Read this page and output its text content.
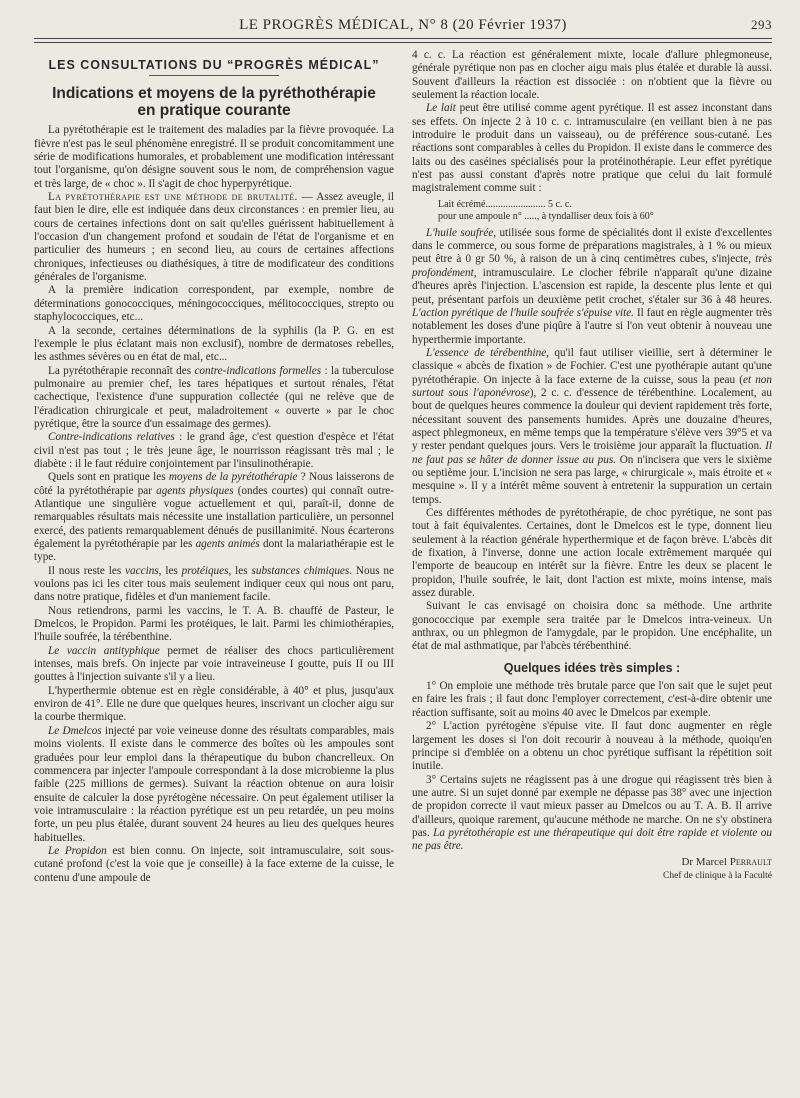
LE PROGRÈS MÉDICAL, N° 8 (20 Février 1937)	293
LES CONSULTATIONS DU “PROGRÈS MÉDICAL”
Indications et moyens de la pyréthothérapie
en pratique courante

La pyrétothérapie est le traitement des maladies par la fièvre provoquée. La fièvre n'est pas le seul phénomène enregistré. Il se produit concomitamment une série de modifications humorales, et probablement une modification intéressant tout l'organisme, qu'on désigne souvent sous le nom, de compréhension vague et très large, de « choc ». Il s'agit de choc hyperpyrétique.

La pyrétothérapie est une méthode de brutalité. — Assez aveugle, il faut bien le dire, elle est indiquée dans deux circonstances : en premier lieu, au cours de certaines infections dont on sait qu'elles guérissent habituellement à l'occasion d'un changement profond et soudain de l'état de l'organisme et en particulier des humeurs ; en second lieu, au cours de certaines affections chroniques, infectieuses ou diathésiques, à titre de modificateur des conditions générales de l'organisme.

A la première indication correspondent, par exemple, nombre de déterminations gonococciques, méningococciques, mélitococciques, strepto ou staphylococciques, etc...

A la seconde, certaines déterminations de la syphilis (la P. G. en est l'exemple le plus éclatant mais non exclusif), nombre de dermatoses rebelles, les asthmes sévères ou en état de mal, etc...

La pyrétothérapie reconnaît des contre-indications formelles : la tuberculose pulmonaire au premier chef, les tares hépatiques et surtout rénales, l'état cachectique, l'existence d'une suppuration collectée (qui ne relève que de l'éradication chirurgicale et peut, maladroitement « ouverte » par le choc pyrétique, être la source d'un essaimage des germes).

Contre-indications relatives : le grand âge, c'est question d'espèce et l'état civil n'est pas tout ; le très jeune âge, le nourrisson réagissant très mal ; le diabète : il le faut réduire conjointement par l'insulinothérapie.

Quels sont en pratique les moyens de la pyrétothérapie ? Nous laisserons de côté la pyrétothérapie par agents physiques (ondes courtes) qui connaît outre-Atlantique une singulière vogue actuellement et qui, paraît-il, donne de remarquables résultats mais nécessite une installation particulière, un personnel exercé, des patients remarquablement dénués de pusillanimité. Nous écarterons également la pyrétothérapie par les agents animés dont la malariathérapie est le type.

Il nous reste les vaccins, les protéiques, les substances chimiques. Nous ne voulons pas ici les citer tous mais seulement indiquer ceux qui nous ont paru, dans notre pratique, fidèles et d'un maniement facile.

Nous retiendrons, parmi les vaccins, le T. A. B. chauffé de Pasteur, le Dmelcos, le Propidon. Parmi les protéiques, le lait. Parmi les chimiothérapies, l'huile soufrée, la térébenthine.

Le vaccin antityphique permet de réaliser des chocs particulièrement intenses, mais brefs. On injecte par voie intraveineuse I goutte, puis II ou III gouttes à l'injection suivante s'il y a lieu.

L'hyperthermie obtenue est en règle considérable, à 40° et plus, jusqu'aux environ de 41°. Elle ne dure que quelques heures, inscrivant un clocher aigu sur la courbe thermique.

Le Dmelcos injecté par voie veineuse donne des résultats comparables, mais moins violents. Il existe dans le commerce des boîtes où les ampoules sont graduées pour leur emploi dans la thérapeutique du bubon chancrelleux. On commencera par injecter l'ampoule correspondant à la dose microbienne la plus faible (225 millions de germes). Suivant la réaction obtenue on aura loisir ensuite de calculer la dose pyrétogène nécessaire. On peut également utiliser la voie intramusculaire : la réaction pyrétique est un peu retardée, un peu moins forte, un peu plus étalée, durant souvent 24 heures au lieu des quelques heures habituelles.

Le Propidon est bien connu. On injecte, soit intramusculaire, soit sous-cutané profond (c'est la voie que je conseille) à la face externe de la cuisse, le contenu d'une ampoule de

4 c. c. La réaction est généralement mixte, locale d'allure phlegmoneuse, générale pyrétique non pas en clocher aigu mais plus étalée et durable là aussi. Souvent d'ailleurs la réaction est dissociée : on n'obtient que la fièvre ou seulement la réaction locale.

Le lait peut être utilisé comme agent pyrétique. Il est assez inconstant dans ses effets. On injecte 2 à 10 c. c. intramusculaire (en veillant bien à ne pas introduire le produit dans un vaisseau), ou de préférence sous-cutané. Les réactions sont comparables à celles du Propidon. Il existe dans le commerce des laits ou des caséines spécialisés pour la protéinothérapie. Leur effet pyrétique n'est pas aussi constant d'après notre pratique que celui du lait formulé magistralement comme suit :

Lait écrémé........................ 5 c. c.
pour une ampoule n° ....., à tyndalliser deux fois à 60°

L'huile soufrée, utilisée sous forme de spécialités dont il existe d'excellentes dans le commerce, ou sous forme de préparations magistrales, à 1 % ou mieux peut être à 0 gr 50 %, à raison de un à cinq centimètres cubes, s'injecte, très profondément, intramusculaire. Le clocher fébrile n'apparaît qu'une dizaine d'heures après l'injection. L'ascension est rapide, la descente plus lente et qui peut, présentant parfois un deuxième petit crochet, s'étaler sur 36 à 48 heures. L'action pyrétique de l'huile soufrée s'épuise vite. Il faut en règle augmenter très notablement les doses d'une piqûre à l'autre si l'on veut obtenir à nouveau une hyperthermie importante.

L'essence de térébenthine, qu'il faut utiliser vieillie, sert à déterminer le classique « abcès de fixation » de Fochier. C'est une pyothérapie autant qu'une pyrétothérapie. On injecte à la face externe de la cuisse, sous la peau (et non surtout sous l'aponévrose), 2 c. c. d'essence de térébenthine. Localement, au bout de quelques heures commence la douleur qui devient rapidement très forte, nécessitant souvent des pansements humides. Après une douzaine d'heures, aspect phlegmoneux, en même temps que la température s'élève vers 39°5 et va y rester pendant quelques jours. Vers le troisième jour apparaît la fluctuation. Il ne faut pas se hâter de donner issue au pus. On n'incisera que vers le sixième ou septième jour. L'incision ne sera pas large, « chirurgicale », mais étroite et « mesquine ». Il y a intérêt même souvent à entretenir la suppuration un certain temps.

Ces différentes méthodes de pyrétothérapie, de choc pyrétique, ne sont pas tout à fait équivalentes. Certaines, dont le Dmelcos est le type, donnent lieu seulement à la réaction générale hyperthermique et de façon brève. L'abcès dit de fixation, à l'inverse, donne une action locale extrêmement marquée qui l'emporte de beaucoup en intérêt sur la fièvre. Entre les deux se placent le propidon, l'huile soufrée, le lait, dont l'action est mixte, moins intense, mais assez durable.

Suivant le cas envisagé on choisira donc sa méthode. Une arthrite gonococcique par exemple sera traitée par le Dmelcos intra-veineux. Un anthrax, ou un phlegmon de l'amygdale, par le propidon. Une encéphalite, un état de mal asthmatique, par l'abcès térébenthiné.

Quelques idées très simples :

1° On emploie une méthode très brutale parce que l'on sait que le sujet peut en faire les frais ; il faut donc l'employer correctement, c'est-à-dire obtenir une réaction suffisante, soit au moins 40 avec le Dmelcos par exemple.

2° L'action pyrétogène s'épuise vite. Il faut donc augmenter en règle largement les doses si l'on doit recourir à nouveau à la méthode, quoiqu'en principe si d'emblée on a obtenu un choc pyrétique suffisant la répétition soit inutile.

3° Certains sujets ne réagissent pas à une drogue qui réagissent très bien à une autre. Si un sujet donné par exemple ne dépasse pas 38° avec une injection de propidon correcte il vaut mieux passer au Dmelcos ou au T. A. B. Il arrive d'ailleurs, quoique rarement, qu'aucune méthode ne marche. On ne s'y obstinera pas. La pyrétothérapie est une thérapeutique qui doit être rapide et violente ou ne pas être.

Dr Marcel Perrault
Chef de clinique à la Faculté
